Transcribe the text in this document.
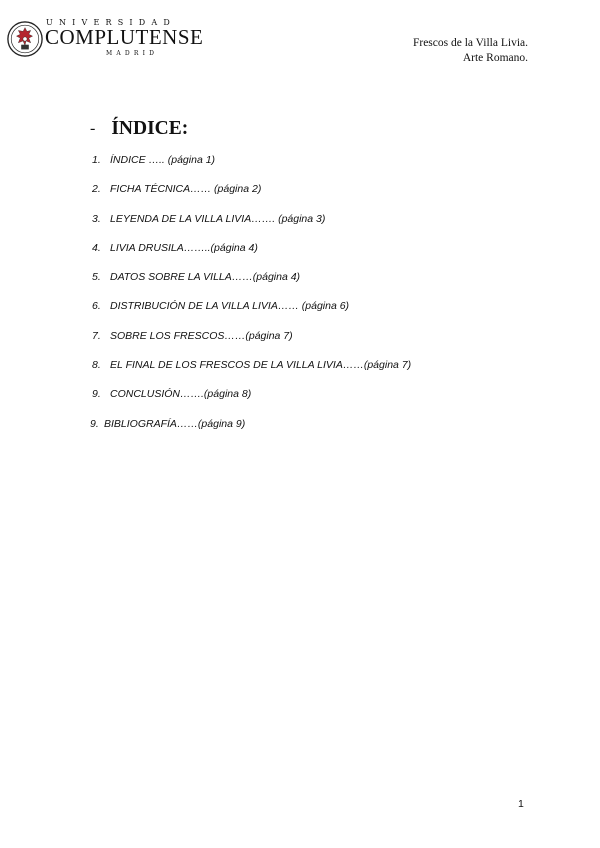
UNIVERSIDAD
COMPLUTENSE
MADRID
Frescos de la Villa Livia.
Arte Romano.
- ÍNDICE:
1. ÍNDICE ….. (página 1)
2. FICHA TÉCNICA…… (página 2)
3. LEYENDA DE LA VILLA LIVIA……. (página 3)
4. LIVIA DRUSILA……..(página 4)
5. DATOS SOBRE LA VILLA……(página 4)
6. DISTRIBUCIÓN DE LA VILLA LIVIA…… (página 6)
7. SOBRE LOS FRESCOS……(página 7)
8. EL FINAL DE LOS FRESCOS DE LA VILLA LIVIA……(página 7)
9. CONCLUSIÓN…….(página 8)
9. BIBLIOGRAFÍA……(página 9)
1
